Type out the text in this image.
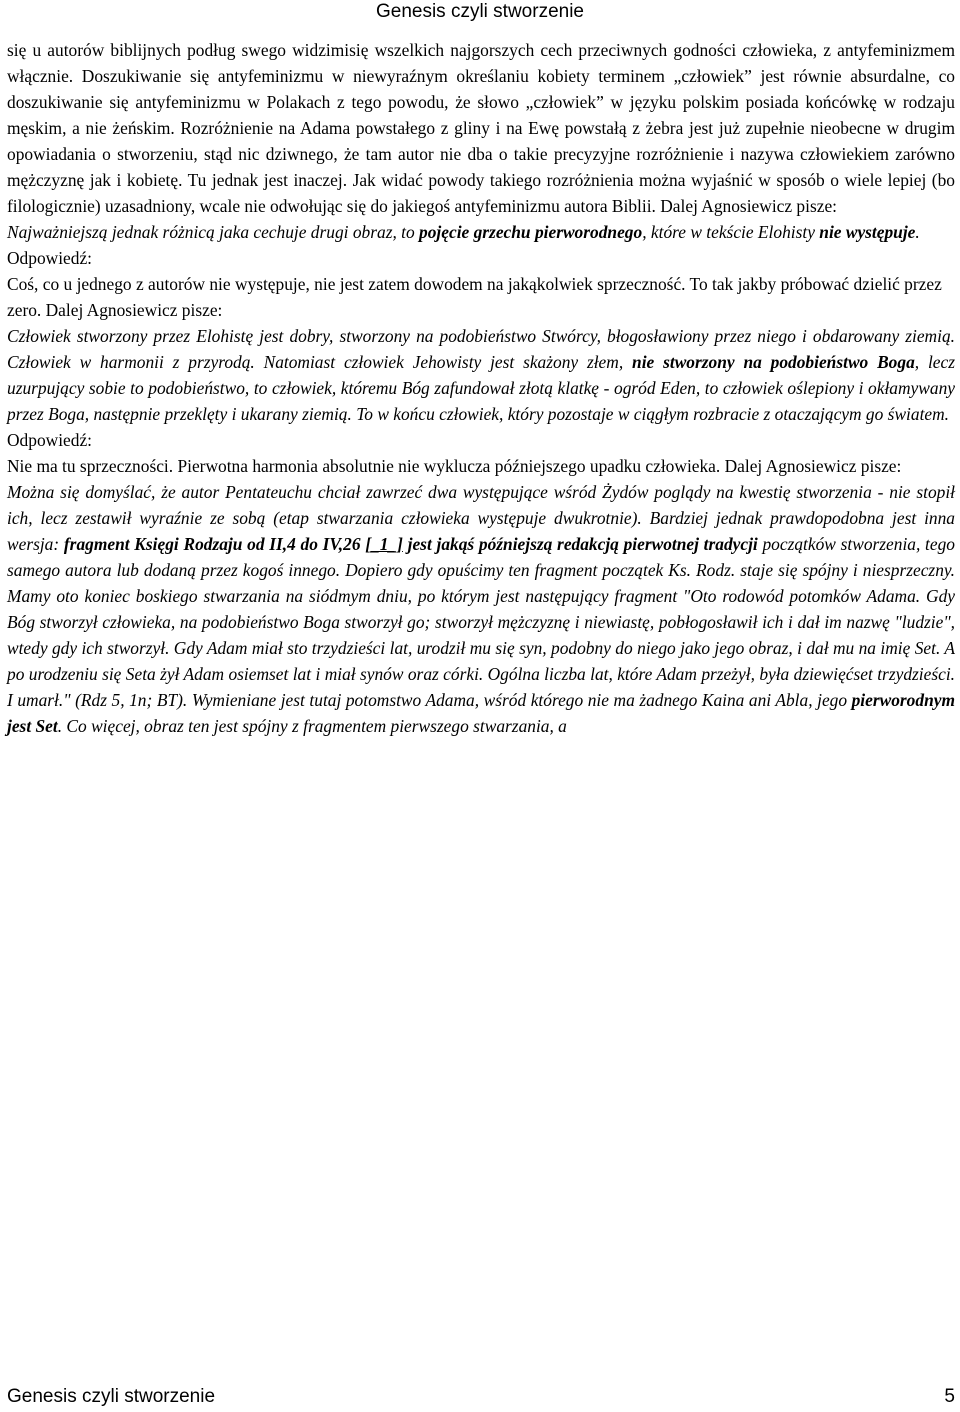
Genesis czyli stworzenie

się u autorów biblijnych podług swego widzimisię wszelkich najgorszych cech przeciwnych godności człowieka, z antyfeminizmem włącznie. Doszukiwanie się antyfeminizmu w niewyraźnym określaniu kobiety terminem „człowiek” jest równie absurdalne, co doszukiwanie się antyfeminizmu w Polakach z tego powodu, że słowo „człowiek” w języku polskim posiada końcówkę w rodzaju męskim, a nie żeńskim. Rozróżnienie na Adama powstałego z gliny i na Ewę powstałą z żebra jest już zupełnie nieobecne w drugim opowiadania o stworzeniu, stąd nic dziwnego, że tam autor nie dba o takie precyzyjne rozróżnienie i nazywa człowiekiem zarówno mężczyznę jak i kobietę. Tu jednak jest inaczej. Jak widać powody takiego rozróżnienia można wyjaśnić w sposób o wiele lepiej (bo filologicznie) uzasadniony, wcale nie odwołując się do jakiegoś antyfeminizmu autora Biblii. Dalej Agnosiewicz pisze:

Najważniejszą jednak różnicą jaka cechuje drugi obraz, to pojęcie grzechu pierworodnego, które w tekście Elohisty nie występuje.

Odpowiedź:

Coś, co u jednego z autorów nie występuje, nie jest zatem dowodem na jakąkolwiek sprzeczność. To tak jakby próbować dzielić przez zero. Dalej Agnosiewicz pisze:

Człowiek stworzony przez Elohistę jest dobry, stworzony na podobieństwo Stwórcy, błogosławiony przez niego i obdarowany ziemią. Człowiek w harmonii z przyrodą. Natomiast człowiek Jehowisty jest skażony złem, nie stworzony na podobieństwo Boga, lecz uzurpujący sobie to podobieństwo, to człowiek, któremu Bóg zafundował złotą klatkę - ogród Eden, to człowiek oślepiony i okłamywany przez Boga, następnie przeklęty i ukarany ziemią. To w końcu człowiek, który pozostaje w ciągłym rozbracie z otaczającym go światem.

Odpowiedź:

Nie ma tu sprzeczności. Pierwotna harmonia absolutnie nie wyklucza późniejszego upadku człowieka. Dalej Agnosiewicz pisze:

Można się domyślać, że autor Pentateuchu chciał zawrzeć dwa występujące wśród Żydów poglądy na kwestię stworzenia - nie stopił ich, lecz zestawił wyraźnie ze sobą (etap stwarzania człowieka występuje dwukrotnie). Bardziej jednak prawdopodobna jest inna wersja: fragment Księgi Rodzaju od II,4 do IV,26 [_1_] jest jakąś późniejszą redakcją pierwotnej tradycji początków stworzenia, tego samego autora lub dodaną przez kogoś innego. Dopiero gdy opuścimy ten fragment początek Ks. Rodz. staje się spójny i niesprzeczny. Mamy oto koniec boskiego stwarzania na siódmym dniu, po którym jest następujący fragment "Oto rodowód potomków Adama. Gdy Bóg stworzył człowieka, na podobieństwo Boga stworzył go; stworzył mężczyznę i niewiastę, pobłogosławił ich i dał im nazwę "ludzie", wtedy gdy ich stworzył. Gdy Adam miał sto trzydzieści lat, urodził mu się syn, podobny do niego jako jego obraz, i dał mu na imię Set. A po urodzeniu się Seta żył Adam osiemset lat i miał synów oraz córki. Ogólna liczba lat, które Adam przeżył, była dziewięćset trzydzieści. I umarł." (Rdz 5, 1n; BT). Wymieniane jest tutaj potomstwo Adama, wśród którego nie ma żadnego Kaina ani Abla, jego pierworodnym jest Set. Co więcej, obraz ten jest spójny z fragmentem pierwszego stwarzania, a

Genesis czyli stworzenie	5
